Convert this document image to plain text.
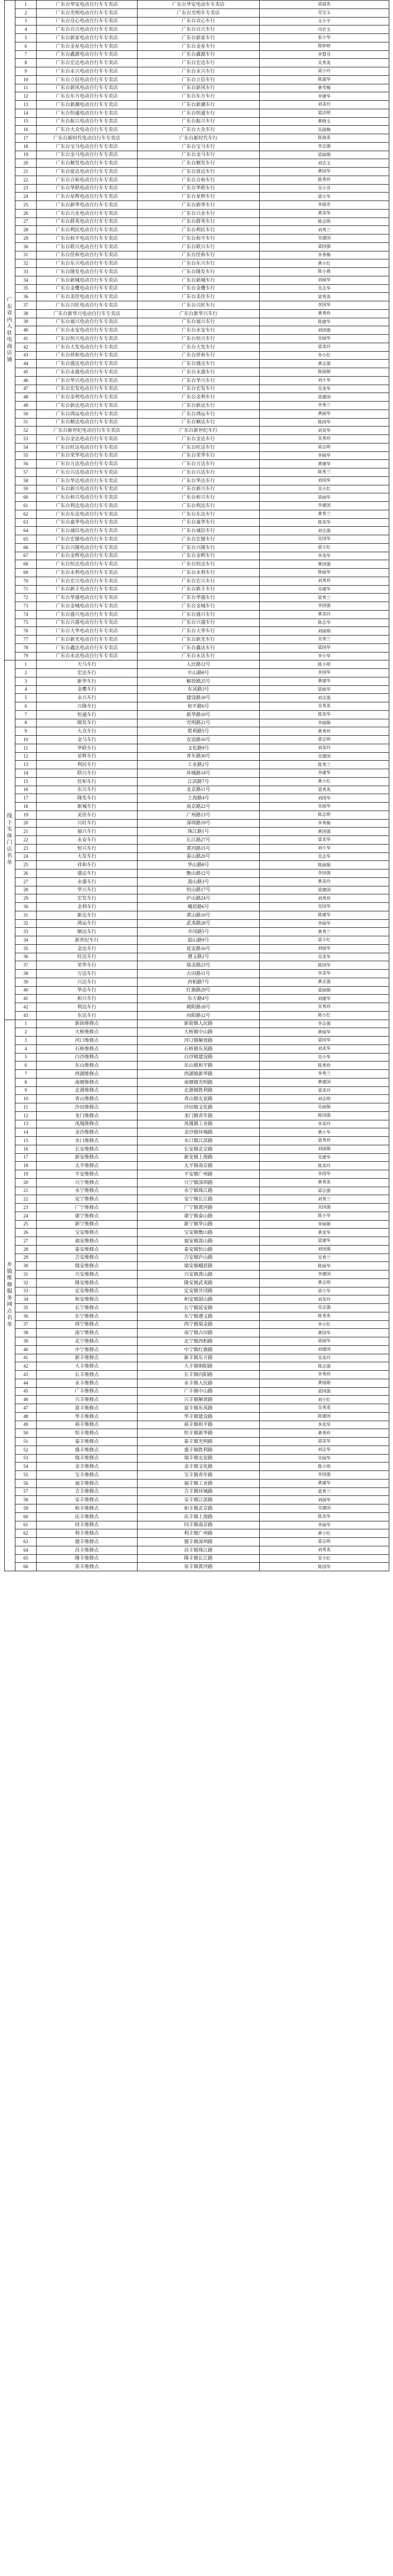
广东省内入驻电商店铺	1	广东台华安电动自行车专卖店	广东台华安电动车专卖店	梁淑英
	2	广东台光明电动自行车专卖店	广东台光明车专卖店	吴宝文
	3	广东台众心电动自行车专卖店	广东台众心车行	文小平
	4	广东台百兴电动自行车专卖店	广东台百兴车行	冯宏文
	5	广东台新家电动自行车专卖店	广东台新家车行	张小华
	6	广东台金星电动自行车专卖店	广东台金星车行	陈妙婷
	7	广东台鑫源电动自行车专卖店	广东台鑫源车行	李慧芬
	8	广东台宏达电动自行车专卖店	广东台宏达车行	吴秀英
	9	广东台永兴电动自行车专卖店	广东台永兴车行	梁小玲
	10	广东台立信电动自行车专卖店	广东台立信车行	陈淑华
	11	广东台新风电动自行车专卖店	广东台新风车行	黄雪梅
	12	广东台东方电动自行车专卖店	广东台东方车行	李建华
	13	广东台新潮电动自行车专卖店	广东台新潮车行	刘美玲
	14	广东台恒通电动自行车专卖店	广东台恒通车行	梁洁明
	15	广东台振兴电动自行车专卖店	广东台振兴车行	黄晓文
	16	广东台大众电动自行车专卖店	广东台大众车行	吴丽梅
	17	广东台新时代电动自行车专卖店	广东台新时代车行	陈海英
	18	广东台宝马电动自行车专卖店	广东台宝马车行	李志强
	19	广东台金马电动自行车专卖店	广东台金马车行	梁丽娟
	20	广东台顺发电动自行车专卖店	广东台顺发车行	刘志文
	21	广东台富达电动自行车专卖店	广东台富达车行	黄国华
	22	广东台合和电动自行车专卖店	广东台合和车行	陈秀珍
	23	广东台华联电动自行车专卖店	广东台华联车行	吴小芬
	24	广东台星辉电动自行车专卖店	广东台星辉车行	梁小华
	25	广东台新华电动自行车专卖店	广东台新华车行	李丽芳
	26	广东台兴业电动自行车专卖店	广东台兴业车行	黄美华
	27	广东台群英电动自行车专卖店	广东台群英车行	陈志明
	28	广东台利民电动自行车专卖店	广东台利民车行	刘秀兰
	29	广东台和平电动自行车专卖店	广东台和平车行	吴建国
	30	广东台联兴电动自行车专卖店	广东台联兴车行	梁国强
	31	广东台佳和电动自行车专卖店	广东台佳和车行	李秀梅
	32	广东台东兴电动自行车专卖店	广东台东兴车行	黄小红
	33	广东台隆发电动自行车专卖店	广东台隆发车行	陈小燕
	34	广东台新城电动自行车专卖店	广东台新城车行	刘丽华
	35	广东台金鹰电动自行车专卖店	广东台金鹰车行	吴志华
	36	广东台美佳电动自行车专卖店	广东台美佳车行	梁秀英
	37	广东台兴旺电动自行车专卖店	广东台兴旺车行	李国华
	38	广东台新华兴电动自行车专卖店	广东台新华兴车行	黄秀珍
	39	广东台福兴电动自行车专卖店	广东台福兴车行	陈建华
	40	广东台永安电动自行车专卖店	广东台永安车行	刘国强
	41	广东台恒兴电动自行车专卖店	广东台恒兴车行	吴丽华
	42	广东台大发电动自行车专卖店	广东台大发车行	梁美玲
	43	广东台祥和电动自行车专卖店	广东台祥和车行	李小红
	44	广东台盛达电动自行车专卖店	广东台盛达车行	黄志强
	45	广东台永盛电动自行车专卖店	广东台永盛车行	陈丽娟
	46	广东台华兴电动自行车专卖店	广东台华兴车行	刘小华
	47	广东台宏发电动自行车专卖店	广东台宏发车行	吴美华
	48	广东台金利电动自行车专卖店	广东台金利车行	梁建国
	49	广东台新达电动自行车专卖店	广东台新达车行	李秀兰
	50	广东台鸿运电动自行车专卖店	广东台鸿运车行	黄丽华
	51	广东台顺达电动自行车专卖店	广东台顺达车行	陈国华
	52	广东台新世纪电动自行车专卖店	广东台新世纪车行	刘美华
	53	广东台金达电动自行车专卖店	广东台金达车行	吴秀珍
	54	广东台旺达电动自行车专卖店	广东台旺达车行	梁志明
	55	广东台荣华电动自行车专卖店	广东台荣华车行	李丽华
	56	广东台万达电动自行车专卖店	广东台万达车行	黄建华
	57	广东台兴达电动自行车专卖店	广东台兴达车行	陈秀兰
	58	广东台华达电动自行车专卖店	广东台华达车行	刘国华
	59	广东台新兴电动自行车专卖店	广东台新兴车行	吴小红
	60	广东台和兴电动自行车专卖店	广东台和兴车行	梁丽华
	61	广东台利达电动自行车专卖店	广东台利达车行	李建国
	62	广东台东达电动自行车专卖店	广东台东达车行	黄秀兰
	63	广东台嘉华电动自行车专卖店	广东台嘉华车行	陈美华
	64	广东台诚信电动自行车专卖店	广东台诚信车行	刘志强
	65	广东台宏图电动自行车专卖店	广东台宏图车行	吴国华
	66	广东台兴隆电动自行车专卖店	广东台兴隆车行	梁小红
	67	广东台金辉电动自行车专卖店	广东台金辉车行	李美华
	68	广东台恒达电动自行车专卖店	广东台恒达车行	黄国强
	69	广东台永利电动自行车专卖店	广东台永利车行	陈丽华
	70	广东台宏兴电动自行车专卖店	广东台宏兴车行	刘秀珍
	71	广东台新丰电动自行车专卖店	广东台新丰车行	吴建华
	72	广东台华盛电动自行车专卖店	广东台华盛车行	梁秀兰
	73	广东台金城电动自行车专卖店	广东台金城车行	李国强
	74	广东台盛兴电动自行车专卖店	广东台盛兴车行	黄美玲
	75	广东台兴盛电动自行车专卖店	广东台兴盛车行	陈志华
	76	广东台大华电动自行车专卖店	广东台大华车行	刘丽娟
	77	广东台新光电动自行车专卖店	广东台新光车行	吴秀兰
	78	广东台鑫达电动自行车专卖店	广东台鑫达车行	梁国华
	79	广东台永达电动自行车专卖店	广东台永达车行	李小华
线下实体门店名单	1	天马车行	人民路12号	陈小明
	2	宏达车行	中山路8号	李国华
	3	新华车行	解放路25号	黄建华
	4	金鹰车行	东风路3号	梁丽华
	5	永兴车行	建设路18号	刘志强
	6	兴隆车行	和平路6号	吴秀英
	7	恒通车行	新华路10号	陈美华
	8	顺发车行	光明路21号	李丽娟
	9	大众车行	胜利路5号	黄秀珍
	10	金马车行	友谊路16号	梁志明
	11	华联车行	文化路9号	刘美玲
	12	星辉车行	青年路30号	吴建国
	13	利民车行	工业路2号	陈秀兰
	14	联兴车行	环城路14号	李建华
	15	佳和车行	江滨路7号	黄小红
	16	东兴车行	北京路11号	梁秀英
	17	隆发车行	上海路4号	刘国华
	18	新城车行	南京路22号	吴丽华
	19	美佳车行	广州路13号	陈志明
	20	兴旺车行	深圳路19号	李秀梅
	21	福兴车行	珠江路1号	黄国强
	22	永安车行	长江路27号	梁美华
	23	恒兴车行	黄河路15号	刘小华
	24	大发车行	泰山路20号	吴志华
	25	祥和车行	华山路8号	陈丽娟
	26	盛达车行	衡山路12号	李国强
	27	永盛车行	嵩山路3号	黄美玲
	28	华兴车行	恒山路17号	梁建国
	29	宏发车行	庐山路24号	刘秀珍
	30	金利车行	峨眉路6号	吴国华
	31	新达车行	黄山路10号	陈建华
	32	鸿运车行	武夷路28号	李丽华
	33	顺达车行	井冈路5号	黄秀兰
	34	新世纪车行	韶山路9号	梁小红
	35	金达车行	延安路16号	刘丽华
	36	旺达车行	遵义路2号	吴美华
	37	荣华车行	瑞金路23号	陈国华
	38	万达车行	古田路11号	李美华
	39	兴达车行	西柏路7号	黄志强
	40	华达车行	红旗路29号	梁丽娟
	41	和兴车行	东方路4号	刘建华
	42	利达车行	朝阳路18号	吴秀珍
	43	东达车行	向阳路12号	陈小红
乡镇维修服务网点名单	1	新街维修点	新街镇人民路	李志强
	2	大桥维修点	大桥镇中山路	黄丽华
	3	河口维修点	河口镇解放路	梁国华
	4	石桥维修点	石桥镇东风路	刘美华
	5	白沙维修点	白沙镇建设路	吴小华
	6	东山维修点	东山镇和平路	陈秀珍
	7	西湖维修点	西湖镇新华路	李秀兰
	8	南塘维修点	南塘镇光明路	黄建国
	9	北港维修点	北港镇胜利路	梁美玲
	10	青山维修点	青山镇友谊路	刘志明
	11	沙田维修点	沙田镇文化路	吴丽娟
	12	龙门维修点	龙门镇青年路	陈国强
	13	凤凰维修点	凤凰镇工业路	李美玲
	14	金沙维修点	金沙镇环城路	黄小华
	15	水口维修点	水口镇江滨路	梁秀珍
	16	长安维修点	长安镇北京路	刘丽娟
	17	新安维修点	新安镇上海路	吴建华
	18	太平维修点	太平镇南京路	陈美玲
	19	平安维修点	平安镇广州路	李国华
	20	兴宁维修点	兴宁镇深圳路	黄秀英
	21	永宁维修点	永宁镇珠江路	梁志强
	22	安宁维修点	安宁镇长江路	刘秀兰
	23	广宁维修点	广宁镇黄河路	吴国强
	24	康宁维修点	康宁镇泰山路	陈小华
	25	新宁维修点	新宁镇华山路	李丽娟
	26	宝安维修点	宝安镇衡山路	黄美华
	27	福安维修点	福安镇嵩山路	梁建华
	28	泰安维修点	泰安镇恒山路	刘国强
	29	吉安维修点	吉安镇庐山路	吴秀兰
	30	瑞安维修点	瑞安镇峨眉路	陈丽华
	31	兴安维修点	兴安镇黄山路	李建国
	32	隆安维修点	隆安镇武夷路	黄志明
	33	定安维修点	定安镇井冈路	梁小华
	34	和安维修点	和安镇韶山路	刘美玲
	35	长宁维修点	长宁镇延安路	吴志强
	36	东宁维修点	东宁镇遵义路	陈秀英
	37	西宁维修点	西宁镇瑞金路	李小红
	38	南宁维修点	南宁镇古田路	黄国华
	39	北宁维修点	北宁镇西柏路	梁丽华
	40	中宁维修点	中宁镇红旗路	刘建国
	41	新丰维修点	新丰镇东方路	吴美玲
	42	大丰维修点	大丰镇朝阳路	陈志强
	43	长丰维修点	长丰镇向阳路	李秀珍
	44	永丰维修点	永丰镇人民路	黄丽娟
	45	广丰维修点	广丰镇中山路	梁国强
	46	兴丰维修点	兴丰镇解放路	刘小红
	47	富丰维修点	富丰镇东风路	吴秀英
	48	华丰维修点	华丰镇建设路	陈建国
	49	裕丰维修点	裕丰镇和平路	李美华
	50	恒丰维修点	恒丰镇新华路	黄秀珍
	51	泰丰维修点	泰丰镇光明路	梁美华
	52	盛丰维修点	盛丰镇胜利路	刘志华
	53	瑞丰维修点	瑞丰镇友谊路	吴丽华
	54	金丰维修点	金丰镇文化路	陈小明
	55	宝丰维修点	宝丰镇青年路	李国强
	56	福丰维修点	福丰镇工业路	黄建华
	57	吉丰维修点	吉丰镇环城路	梁秀兰
	58	安丰维修点	安丰镇江滨路	刘丽华
	59	和丰维修点	和丰镇北京路	吴建国
	60	庆丰维修点	庆丰镇上海路	陈美华
	61	同丰维修点	同丰镇南京路	李丽华
	62	利丰维修点	利丰镇广州路	黄小红
	63	德丰维修点	德丰镇深圳路	梁志明
	64	昌丰维修点	昌丰镇珠江路	刘秀英
	65	隆丰维修点	隆丰镇长江路	吴小红
	66	泉丰维修点	泉丰镇黄河路	陈国华
